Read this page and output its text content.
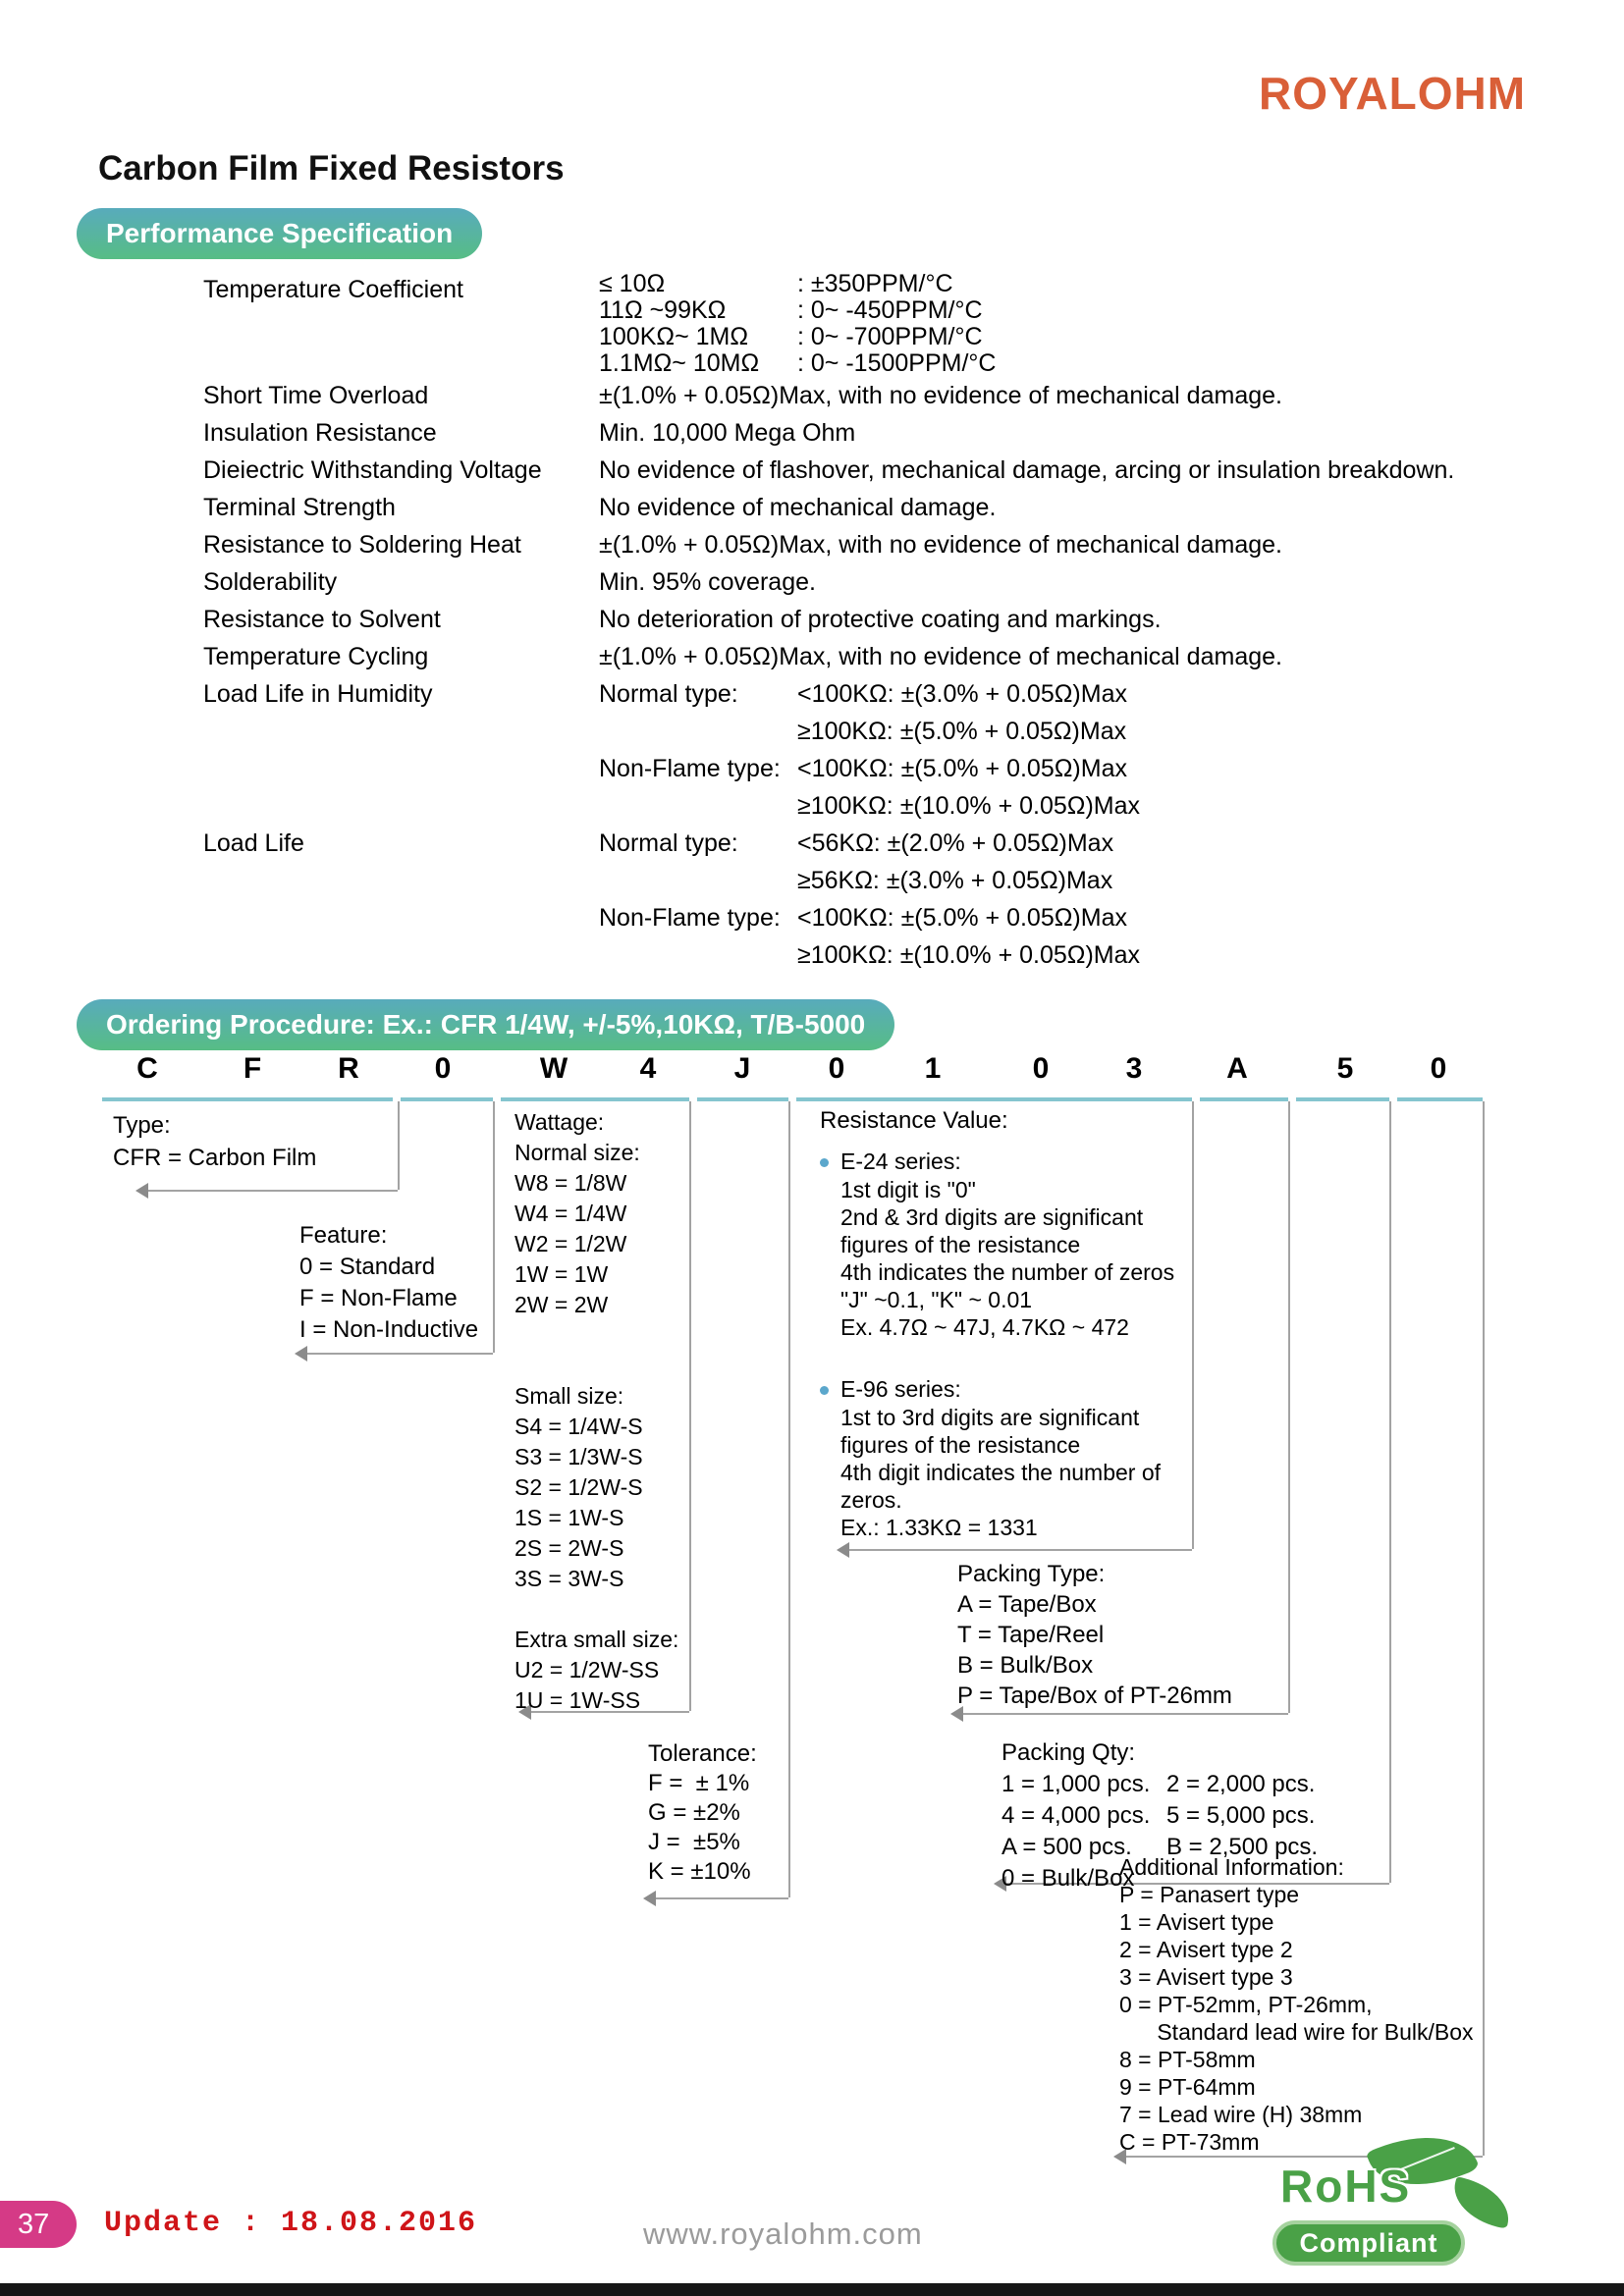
ROYALOHM
Carbon Film Fixed Resistors
Performance Specification
Temperature Coefficient	≤ 10Ω	: ±350PPM/°C
11Ω ~99KΩ	: 0~ -450PPM/°C
100KΩ~ 1MΩ	: 0~ -700PPM/°C
1.1MΩ~ 10MΩ	: 0~ -1500PPM/°C
Short Time Overload	±(1.0% + 0.05Ω)Max, with no evidence of mechanical damage.
Insulation Resistance	Min. 10,000 Mega Ohm
Dieiectric Withstanding Voltage	No evidence of flashover, mechanical damage, arcing or insulation breakdown.
Terminal Strength	No evidence of mechanical damage.
Resistance to Soldering Heat	±(1.0% + 0.05Ω)Max, with no evidence of mechanical damage.
Solderability	Min. 95% coverage.
Resistance to Solvent	No deterioration of protective coating and markings.
Temperature Cycling	±(1.0% + 0.05Ω)Max, with no evidence of mechanical damage.
Load Life in Humidity	Normal type:	<100KΩ: ±(3.0% + 0.05Ω)Max
≥100KΩ: ±(5.0% + 0.05Ω)Max
Non-Flame type: <100KΩ: ±(5.0% + 0.05Ω)Max
≥100KΩ: ±(10.0% + 0.05Ω)Max
Load Life	Normal type:	<56KΩ: ±(2.0% + 0.05Ω)Max
≥56KΩ: ±(3.0% + 0.05Ω)Max
Non-Flame type: <100KΩ: ±(5.0% + 0.05Ω)Max
≥100KΩ: ±(10.0% + 0.05Ω)Max
Ordering Procedure: Ex.: CFR 1/4W, +/-5%,10KΩ, T/B-5000
C	F	R	0	W 4	J	0	1	0	3	A	5	0
Type:
CFR = Carbon Film
Feature:
0 = Standard
F = Non-Flame
I = Non-Inductive
Wattage:
Normal size:
W8 = 1/8W
W4 = 1/4W
W2 = 1/2W
1W = 1W
2W = 2W
Small size:
S4 = 1/4W-S
S3 = 1/3W-S
S2 = 1/2W-S
1S = 1W-S
2S = 2W-S
3S = 3W-S
Extra small size:
U2 = 1/2W-SS
1U = 1W-SS
Tolerance:
F =  ± 1%
G = ±2%
J =  ±5%
K = ±10%
Resistance Value:
E-24 series:
1st digit is "0"
2nd & 3rd digits are significant
figures of the resistance
4th indicates the number of zeros
"J" ~0.1, "K" ~ 0.01
Ex. 4.7Ω ~ 47J, 4.7KΩ ~ 472
E-96 series:
1st to 3rd digits are significant
figures of the resistance
4th digit indicates the number of
zeros.
Ex.: 1.33KΩ = 1331
Packing Type:
A = Tape/Box
T = Tape/Reel
B = Bulk/Box
P = Tape/Box of PT-26mm
Packing Qty:
1 = 1,000 pcs. 2 = 2,000 pcs.
4 = 4,000 pcs. 5 = 5,000 pcs.
A = 500 pcs.	B = 2,500 pcs.
0 = Bulk/Box
Additional Information:
P = Panasert type
1 = Avisert type
2 = Avisert type 2
3 = Avisert type 3
0 = PT-52mm, PT-26mm,
Standard lead wire for Bulk/Box
8 = PT-58mm
9 = PT-64mm
7 = Lead wire (H) 38mm
C = PT-73mm
37	Update : 18.08.2016	www.royalohm.com
RoHS
Compliant
